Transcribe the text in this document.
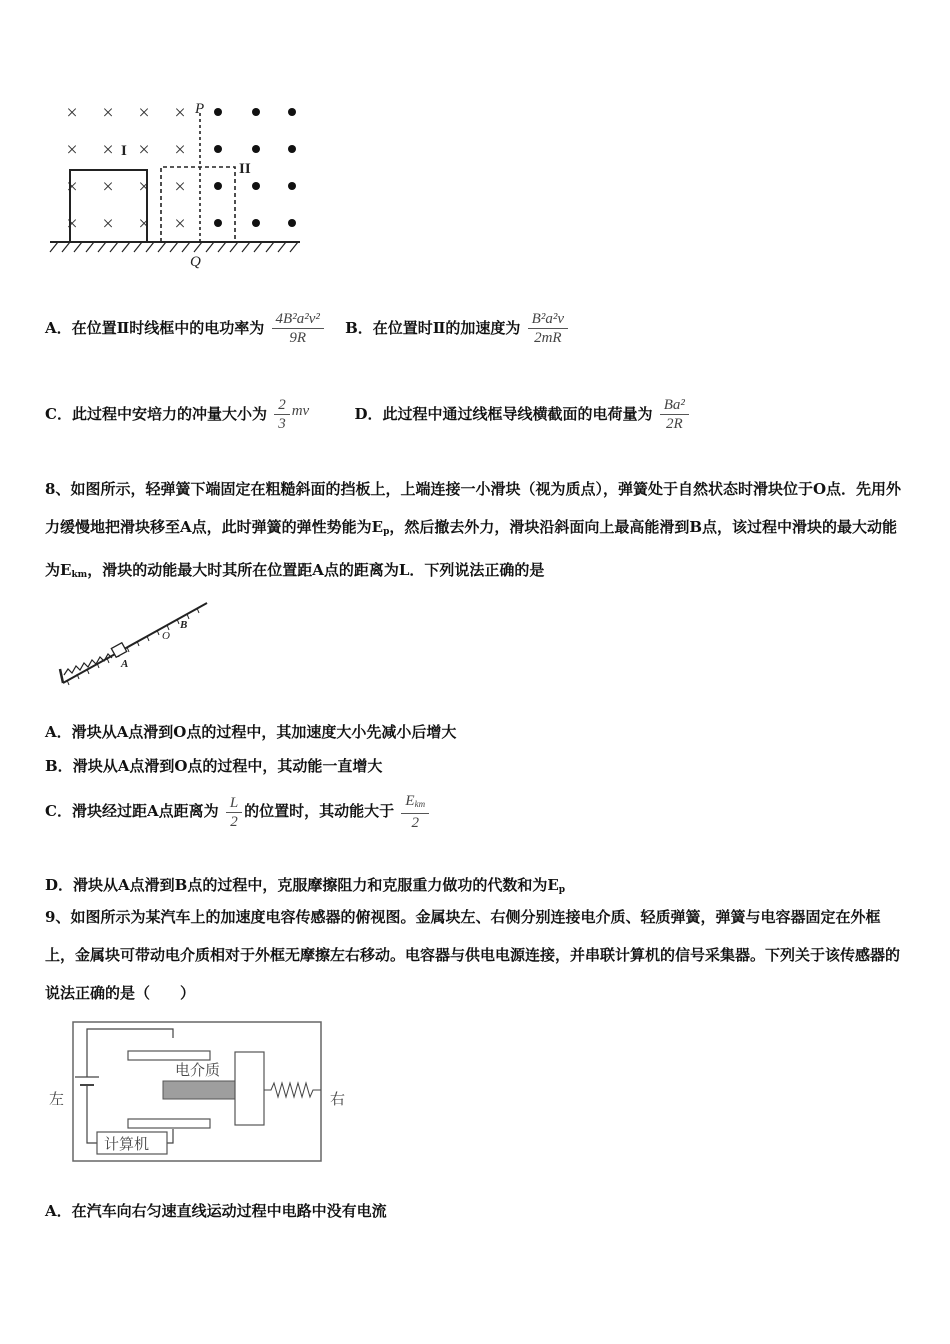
× × × ×
× × × ×
× × × ×
× × × ×
P
Q
I
II
A．在位置Ⅱ时线框中的电功率为 $\frac{\text{4B²a²v²}}{9R}$ B．在位置时Ⅱ的加速度为 $\frac{\text{B²a²v}}{2mR}$
C．此过程中安培力的冲量大小为 $\frac{2}{3}$ mv	D．此过程中通过线框导线横截面的电荷量为 $\frac{\text{Ba²}}{2R}$
8、如图所示，轻弹簧下端固定在粗糙斜面的挡板上，上端连接一小滑块（视为质点），弹簧处于自然状态时滑块位于O点．先用外力缓慢地把滑块移至A点，此时弹簧的弹性势能为Ep，然后撤去外力，滑块沿斜面向上最高能滑到B点，该过程中滑块的最大动能为Ekm，滑块的动能最大时其所在位置距A点的距离为L．下列说法正确的是
A
O
B
A．滑块从A点滑到O点的过程中，其加速度大小先减小后增大
B．滑块从A点滑到O点的过程中，其动能一直增大
C．滑块经过距A点距离为 $\frac{L}{2}$ 的位置时，其动能大于 $\frac{\text{Ekm}}{2}$
D．滑块从A点滑到B点的过程中，克服摩擦阻力和克服重力做功的代数和为Ep
9、如图所示为某汽车上的加速度电容传感器的俯视图。金属块左、右侧分别连接电介质、轻质弹簧，弹簧与电容器固定在外框上，金属块可带动电介质相对于外框无摩擦左右移动。电容器与供电电源连接，并串联计算机的信号采集器。下列关于该传感器的说法正确的是（　　）
电介质
计算机
左	右
A．在汽车向右匀速直线运动过程中电路中没有电流
